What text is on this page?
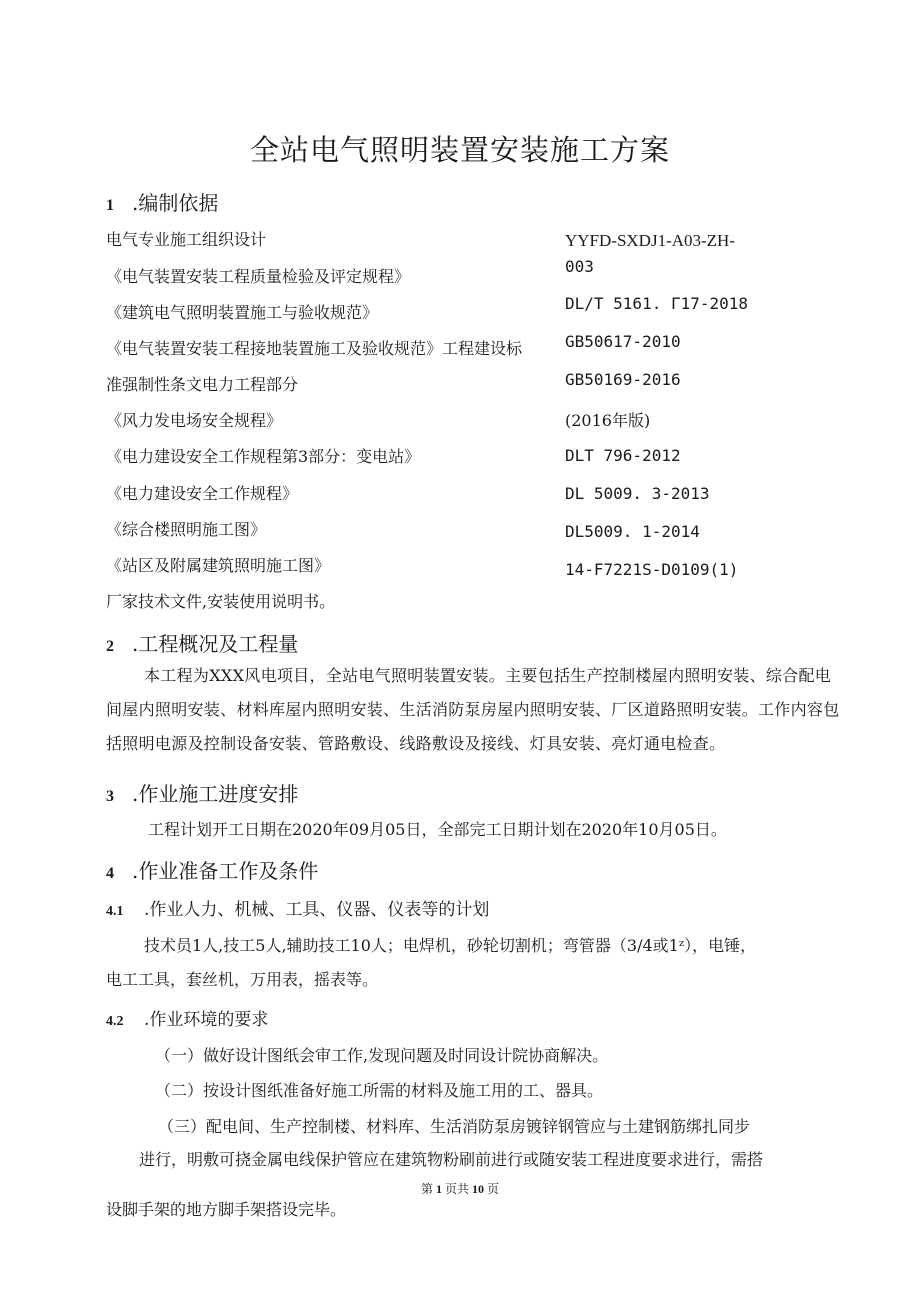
全站电气照明装置安装施工方案
1 .编制依据
电气专业施工组织设计
《电气装置安装工程质量检验及评定规程》
《建筑电气照明装置施工与验收规范》
《电气装置安装工程接地装置施工及验收规范》工程建设标
准强制性条文电力工程部分
《风力发电场安全规程》
《电力建设安全工作规程第3部分：变电站》
《电力建设安全工作规程》
《综合楼照明施工图》
《站区及附属建筑照明施工图》
厂家技术文件,安装使用说明书。
YYFD-SXDJ1-A03-ZH-
003
DL/T 5161. Γ17-2018
GB50617-2010
GB50169-2016
(2016年版)
DLT 796-2012
DL 5009. 3-2013
DL5009. 1-2014
14-F7221S-D0109(1)
2 .工程概况及工程量
本工程为XXX风电项目，全站电气照明装置安装。主要包括生产控制楼屋内照明安装、综合配电间屋内照明安装、材料库屋内照明安装、生活消防泵房屋内照明安装、厂区道路照明安装。工作内容包括照明电源及控制设备安装、管路敷设、线路敷设及接线、灯具安装、亮灯通电检查。
3 .作业施工进度安排
工程计划开工日期在2020年09月05日，全部完工日期计划在2020年10月05日。
4 .作业准备工作及条件
4.1 .作业人力、机械、工具、仪器、仪表等的计划
技术员1人,技工5人,辅助技工10人；电焊机，砂轮切割机；弯管器（3/4或1ᶻ），电锤，
电工工具，套丝机，万用表，摇表等。
4.2 .作业环境的要求
（一）做好设计图纸会审工作,发现问题及时同设计院协商解决。
（二）按设计图纸准备好施工所需的材料及施工用的工、器具。
（三）配电间、生产控制楼、材料库、生活消防泵房镀锌钢管应与土建钢筋绑扎同步
进行，明敷可挠金属电线保护管应在建筑物粉刷前进行或随安装工程进度要求进行，需搭
第 1 页共 10 页
设脚手架的地方脚手架搭设完毕。
